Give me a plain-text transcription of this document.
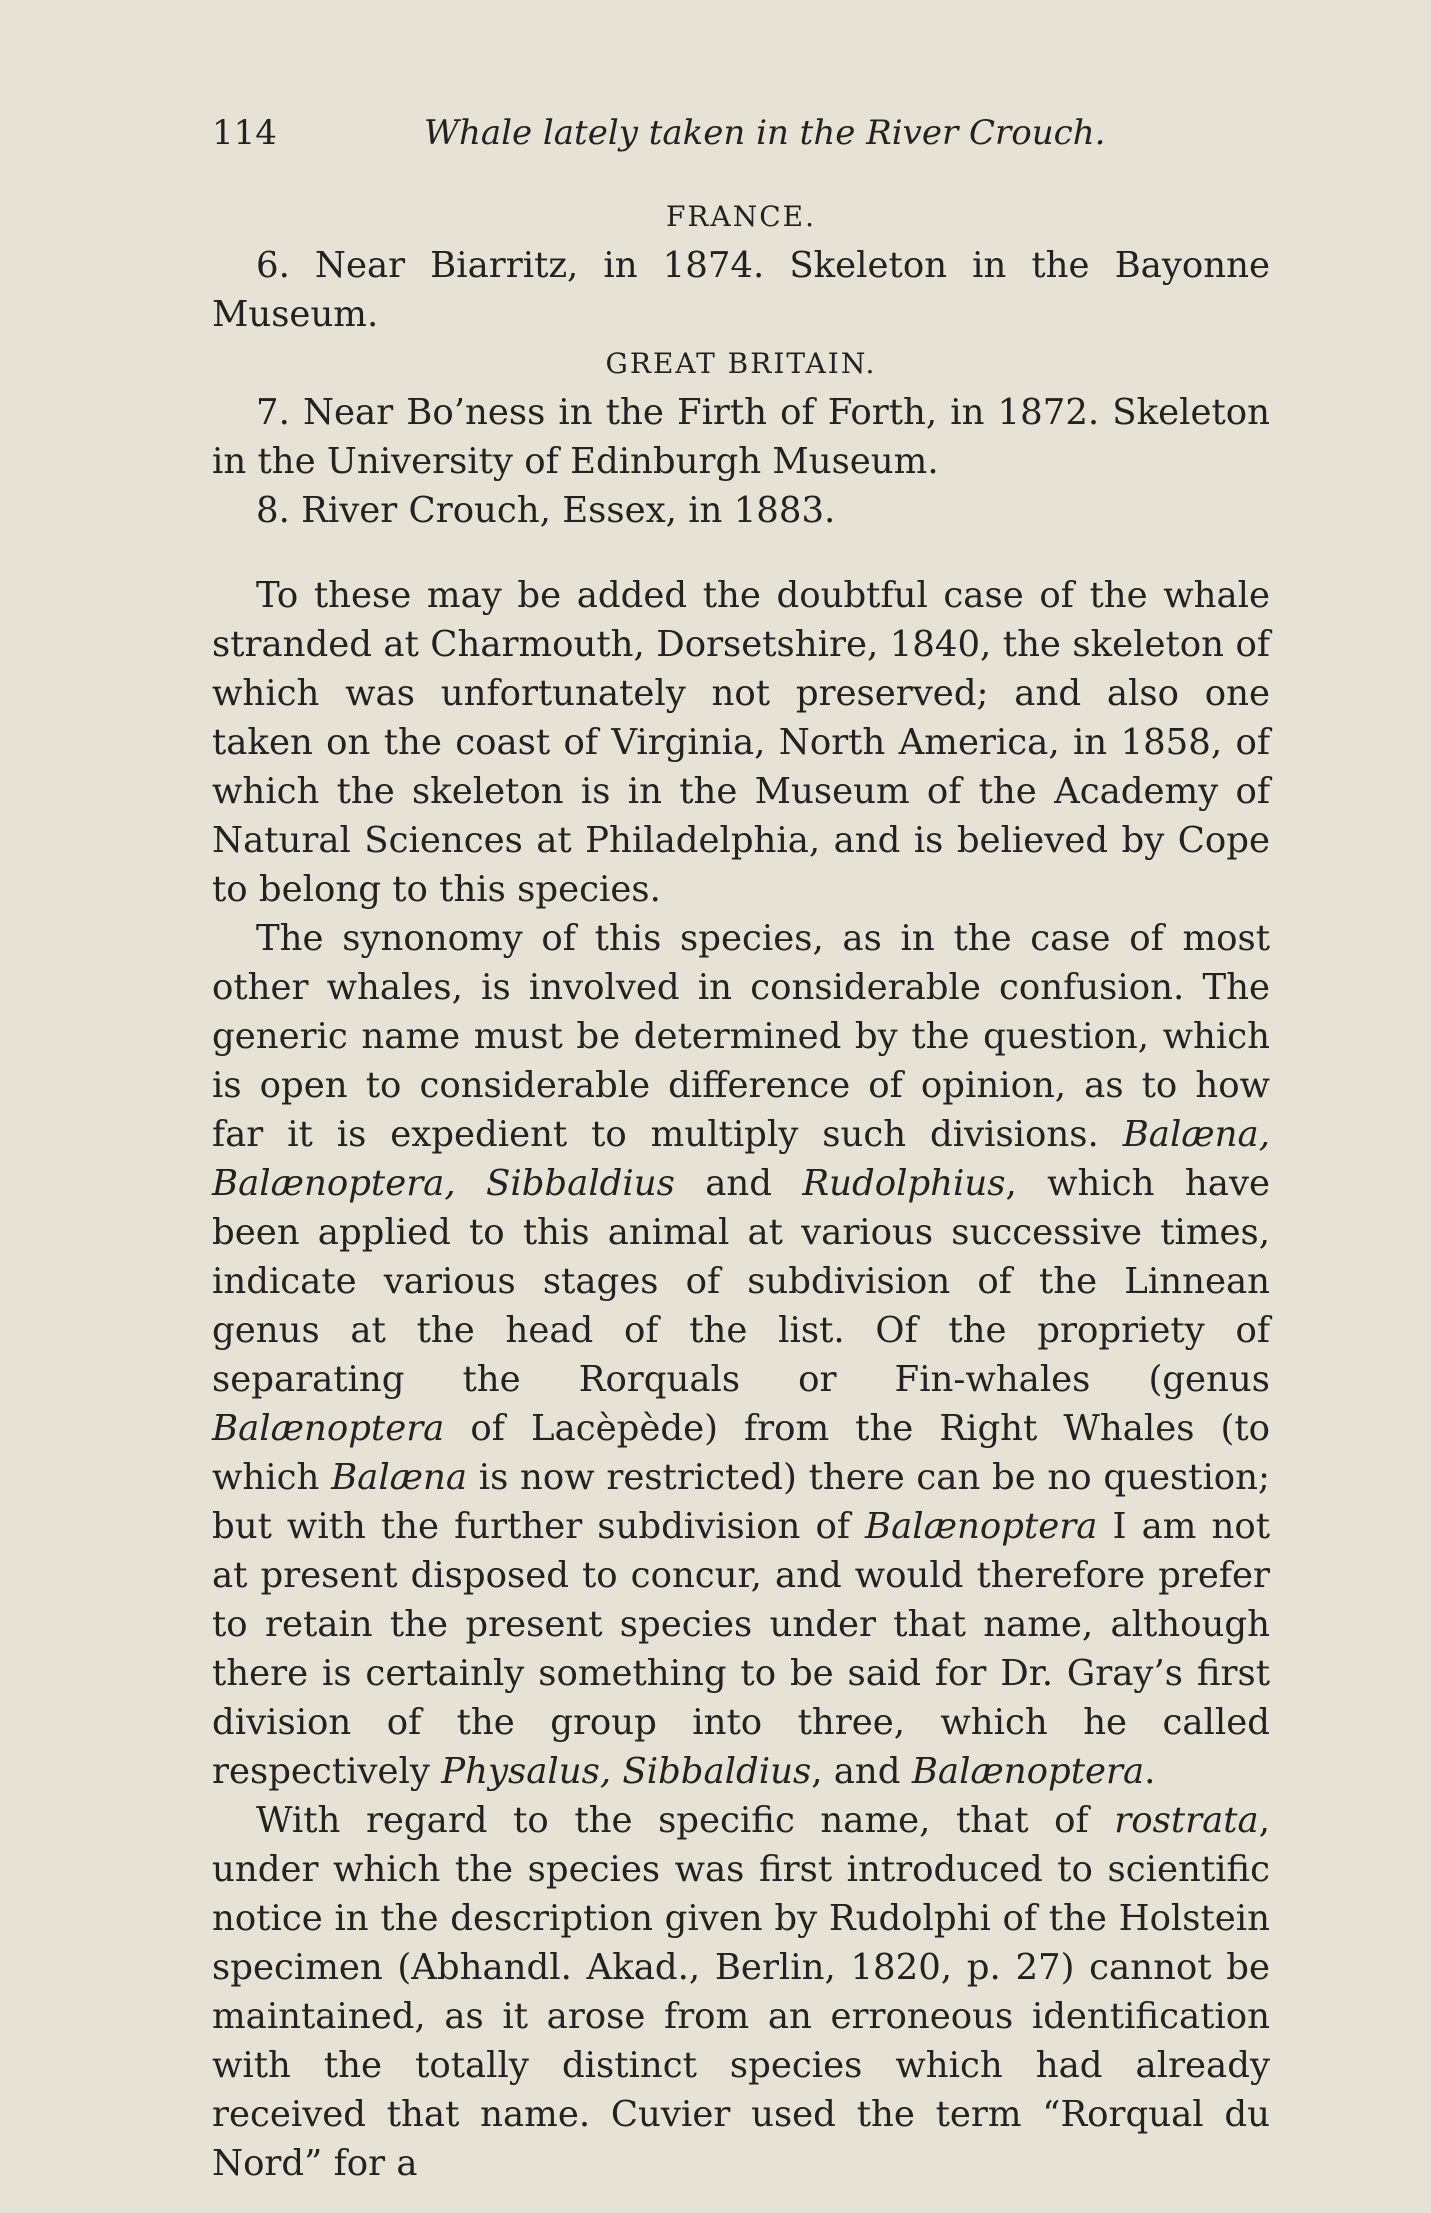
114	Whale lately taken in the River Crouch.

FRANCE.

6. Near Biarritz, in 1874. Skeleton in the Bayonne Museum.

GREAT BRITAIN.

7. Near Bo’ness in the Firth of Forth, in 1872. Skeleton in the University of Edinburgh Museum.

8. River Crouch, Essex, in 1883.

To these may be added the doubtful case of the whale stranded at Charmouth, Dorsetshire, 1840, the skeleton of which was unfortunately not preserved; and also one taken on the coast of Virginia, North America, in 1858, of which the skeleton is in the Museum of the Academy of Natural Sciences at Philadelphia, and is believed by Cope to belong to this species.

The synonomy of this species, as in the case of most other whales, is involved in considerable confusion. The generic name must be determined by the question, which is open to considerable difference of opinion, as to how far it is expedient to multiply such divisions. Balæna, Balænoptera, Sibbaldius and Rudolphius, which have been applied to this animal at various successive times, indicate various stages of subdivision of the Linnean genus at the head of the list. Of the propriety of separating the Rorquals or Fin-whales (genus Balænoptera of Lacèpède) from the Right Whales (to which Balæna is now restricted) there can be no question; but with the further subdivision of Balænoptera I am not at present disposed to concur, and would therefore prefer to retain the present species under that name, although there is certainly something to be said for Dr. Gray’s first division of the group into three, which he called respectively Physalus, Sibbaldius, and Balænoptera.

With regard to the specific name, that of rostrata, under which the species was first introduced to scientific notice in the description given by Rudolphi of the Holstein specimen (Abhandl. Akad., Berlin, 1820, p. 27) cannot be maintained, as it arose from an erroneous identification with the totally distinct species which had already received that name. Cuvier used the term “Rorqual du Nord” for a
